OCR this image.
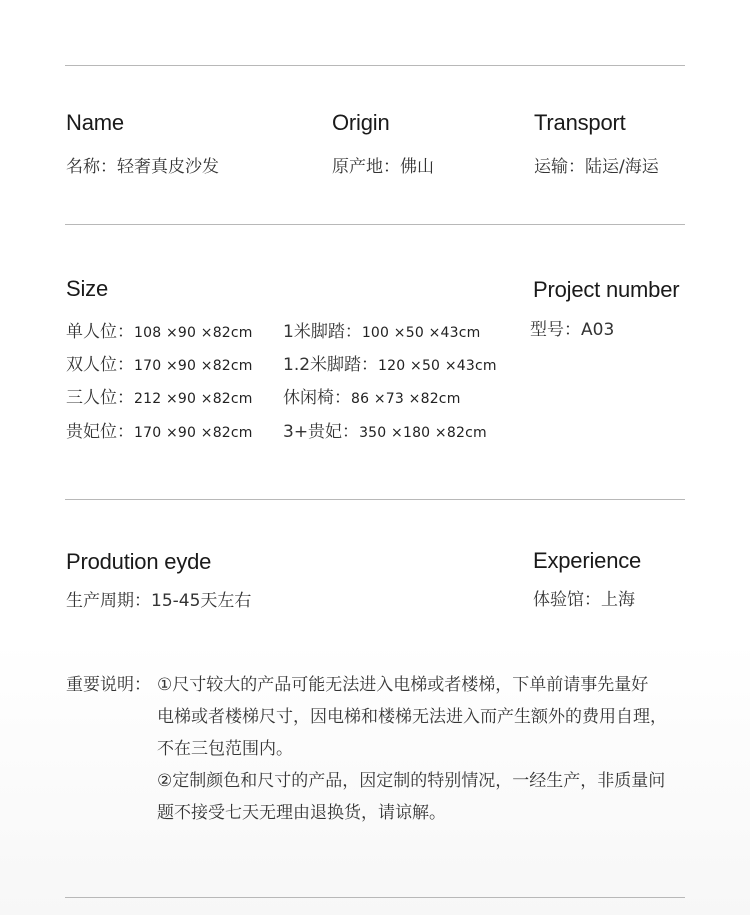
Name
名称：轻奢真皮沙发
Origin
原产地：佛山
Transport
运输：陆运/海运
Size
单人位：108 ×90 ×82cm
双人位：170 ×90 ×82cm
三人位：212 ×90 ×82cm
贵妃位：170 ×90 ×82cm
1米脚踏：100 ×50 ×43cm
1.2米脚踏：120 ×50 ×43cm
休闲椅：86 ×73 ×82cm
3+贵妃：350 ×180 ×82cm
Project number
型号：A03
Prodution eyde
生产周期：15-45天左右
Experience
体验馆：上海
重要说明： ①尺寸较大的产品可能无法进入电梯或者楼梯，下单前请事先量好
电梯或者楼梯尺寸，因电梯和楼梯无法进入而产生额外的费用自理，
不在三包范围内。
②定制颜色和尺寸的产品，因定制的特别情况，一经生产，非质量问
题不接受七天无理由退换货，请谅解。
